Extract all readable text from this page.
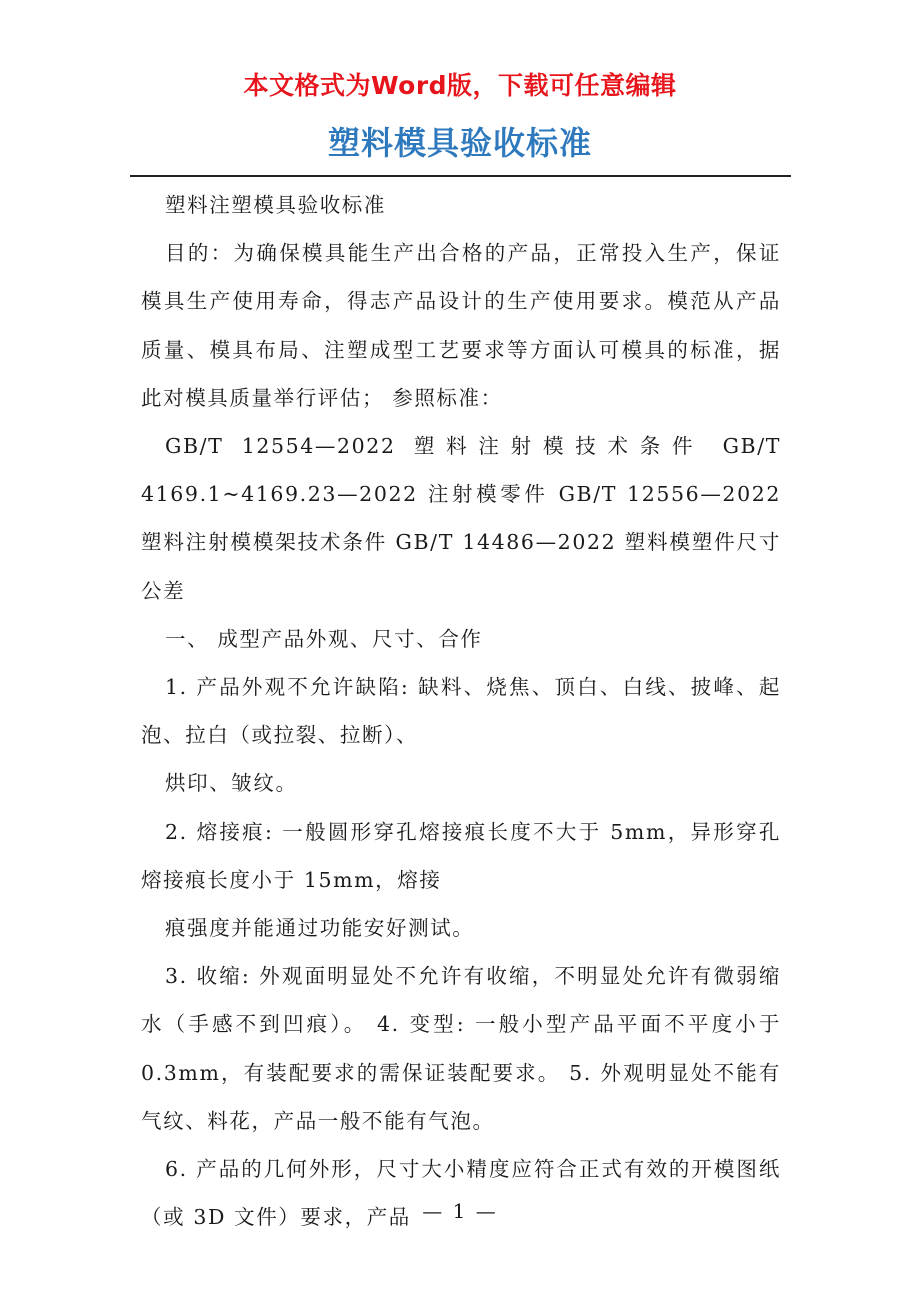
本文格式为Word版，下载可任意编辑
塑料模具验收标准

塑料注塑模具验收标准

目的：为确保模具能生产出合格的产品，正常投入生产，保证模具生产使用寿命，得志产品设计的生产使用要求。模范从产品质量、模具布局、注塑成型工艺要求等方面认可模具的标准，据此对模具质量举行评估； 参照标准：

GB/T 12554—2022 塑料注射模技术条件 GB/T 4169.1~4169.23—2022 注射模零件 GB/T 12556—2022 塑料注射模模架技术条件 GB/T 14486—2022 塑料模塑件尺寸公差

一、 成型产品外观、尺寸、合作

1. 产品外观不允许缺陷: 缺料、烧焦、顶白、白线、披峰、起泡、拉白（或拉裂、拉断）、

烘印、皱纹。

2. 熔接痕: 一般圆形穿孔熔接痕长度不大于 5mm，异形穿孔熔接痕长度小于 15mm，熔接

痕强度并能通过功能安好测试。

3. 收缩: 外观面明显处不允许有收缩，不明显处允许有微弱缩水（手感不到凹痕）。 4. 变型: 一般小型产品平面不平度小于 0.3mm，有装配要求的需保证装配要求。 5. 外观明显处不能有气纹、料花，产品一般不能有气泡。

6. 产品的几何外形，尺寸大小精度应符合正式有效的开模图纸（或 3D 文件）要求，产品 — 1 —
